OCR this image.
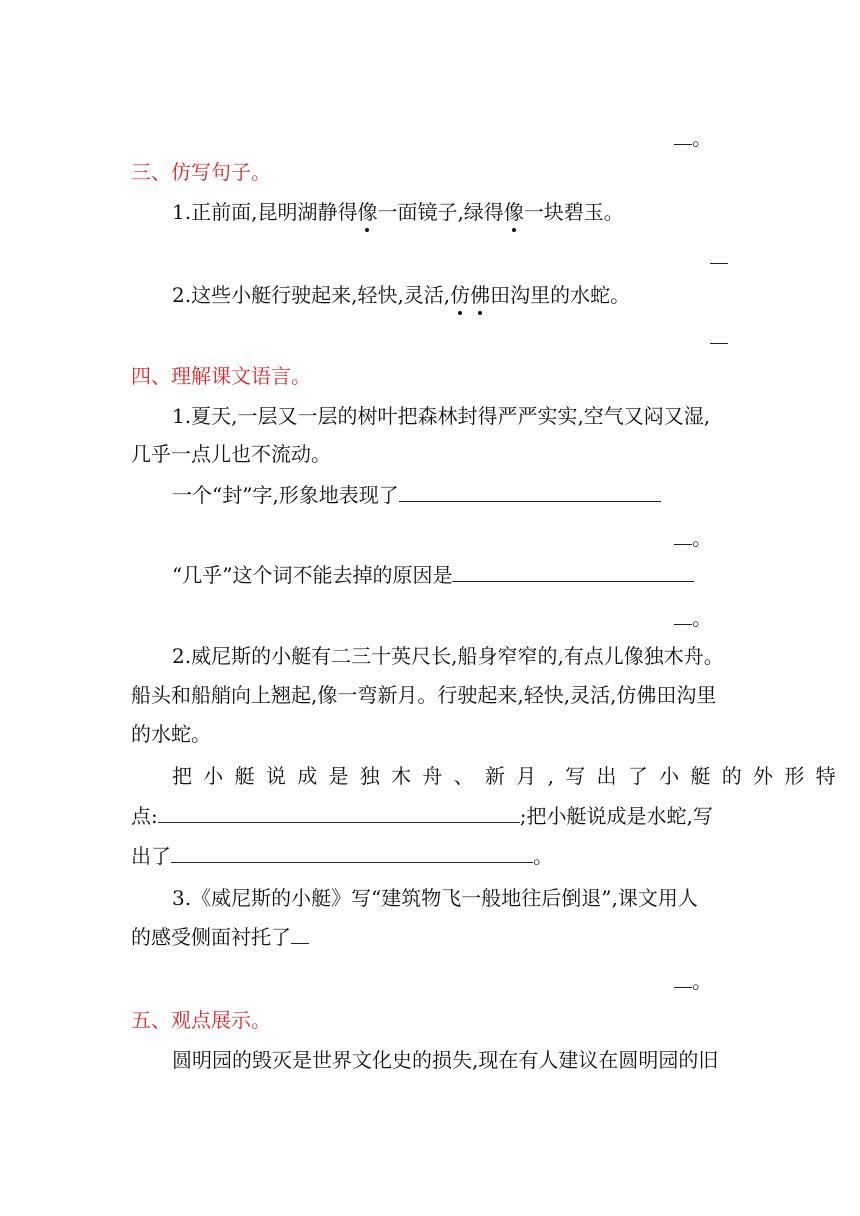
。
三、仿写句子。
1.正前面,昆明湖静得像一面镜子,绿得像一块碧玉。
2.这些小艇行驶起来,轻快,灵活,仿佛田沟里的水蛇。
四、理解课文语言。
1.夏天,一层又一层的树叶把森林封得严严实实,空气又闷又湿,
几乎一点儿也不流动。
一个“封”字,形象地表现了
。
“几乎”这个词不能去掉的原因是
。
2.威尼斯的小艇有二三十英尺长,船身窄窄的,有点儿像独木舟。
船头和船艄向上翘起,像一弯新月。行驶起来,轻快,灵活,仿佛田沟里
的水蛇。
把小艇说成是独木舟、新月,写出了小艇的外形特
点:	;把小艇说成是水蛇,写
出了	。
3.《威尼斯的小艇》写“建筑物飞一般地往后倒退”,课文用人
的感受侧面衬托了
。
五、观点展示。
圆明园的毁灭是世界文化史的损失,现在有人建议在圆明园的旧
